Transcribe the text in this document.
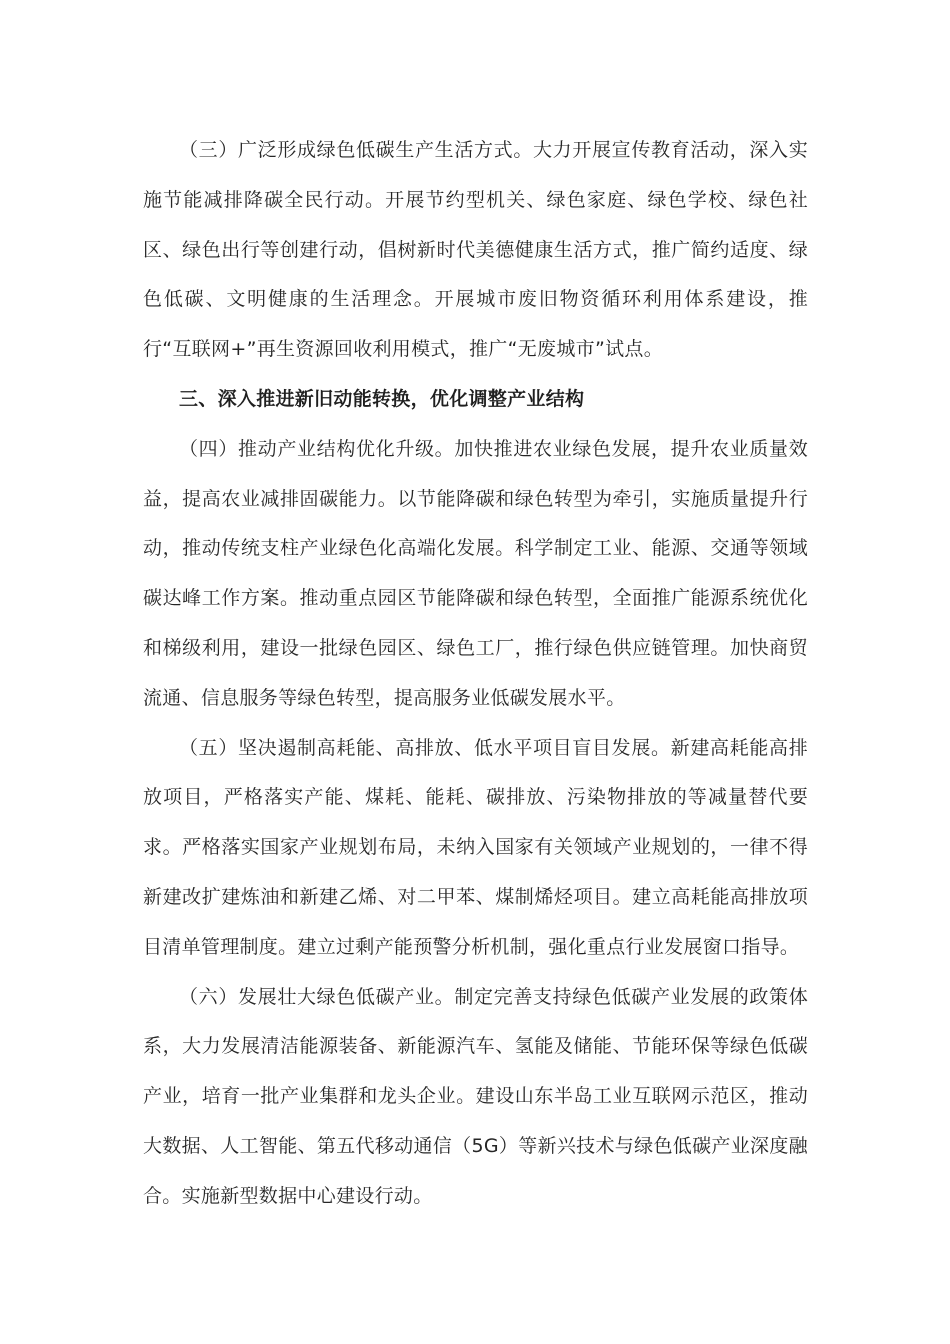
（三）广泛形成绿色低碳生产生活方式。大力开展宣传教育活动，深入实施节能减排降碳全民行动。开展节约型机关、绿色家庭、绿色学校、绿色社区、绿色出行等创建行动，倡树新时代美德健康生活方式，推广简约适度、绿色低碳、文明健康的生活理念。开展城市废旧物资循环利用体系建设，推行“互联网+”再生资源回收利用模式，推广“无废城市”试点。

三、深入推进新旧动能转换，优化调整产业结构

（四）推动产业结构优化升级。加快推进农业绿色发展，提升农业质量效益，提高农业减排固碳能力。以节能降碳和绿色转型为牵引，实施质量提升行动，推动传统支柱产业绿色化高端化发展。科学制定工业、能源、交通等领域碳达峰工作方案。推动重点园区节能降碳和绿色转型，全面推广能源系统优化和梯级利用，建设一批绿色园区、绿色工厂，推行绿色供应链管理。加快商贸流通、信息服务等绿色转型，提高服务业低碳发展水平。

（五）坚决遏制高耗能、高排放、低水平项目盲目发展。新建高耗能高排放项目，严格落实产能、煤耗、能耗、碳排放、污染物排放的等减量替代要求。严格落实国家产业规划布局，未纳入国家有关领域产业规划的，一律不得新建改扩建炼油和新建乙烯、对二甲苯、煤制烯烃项目。建立高耗能高排放项目清单管理制度。建立过剩产能预警分析机制，强化重点行业发展窗口指导。

（六）发展壮大绿色低碳产业。制定完善支持绿色低碳产业发展的政策体系，大力发展清洁能源装备、新能源汽车、氢能及储能、节能环保等绿色低碳产业，培育一批产业集群和龙头企业。建设山东半岛工业互联网示范区，推动大数据、人工智能、第五代移动通信（5G）等新兴技术与绿色低碳产业深度融合。实施新型数据中心建设行动。
